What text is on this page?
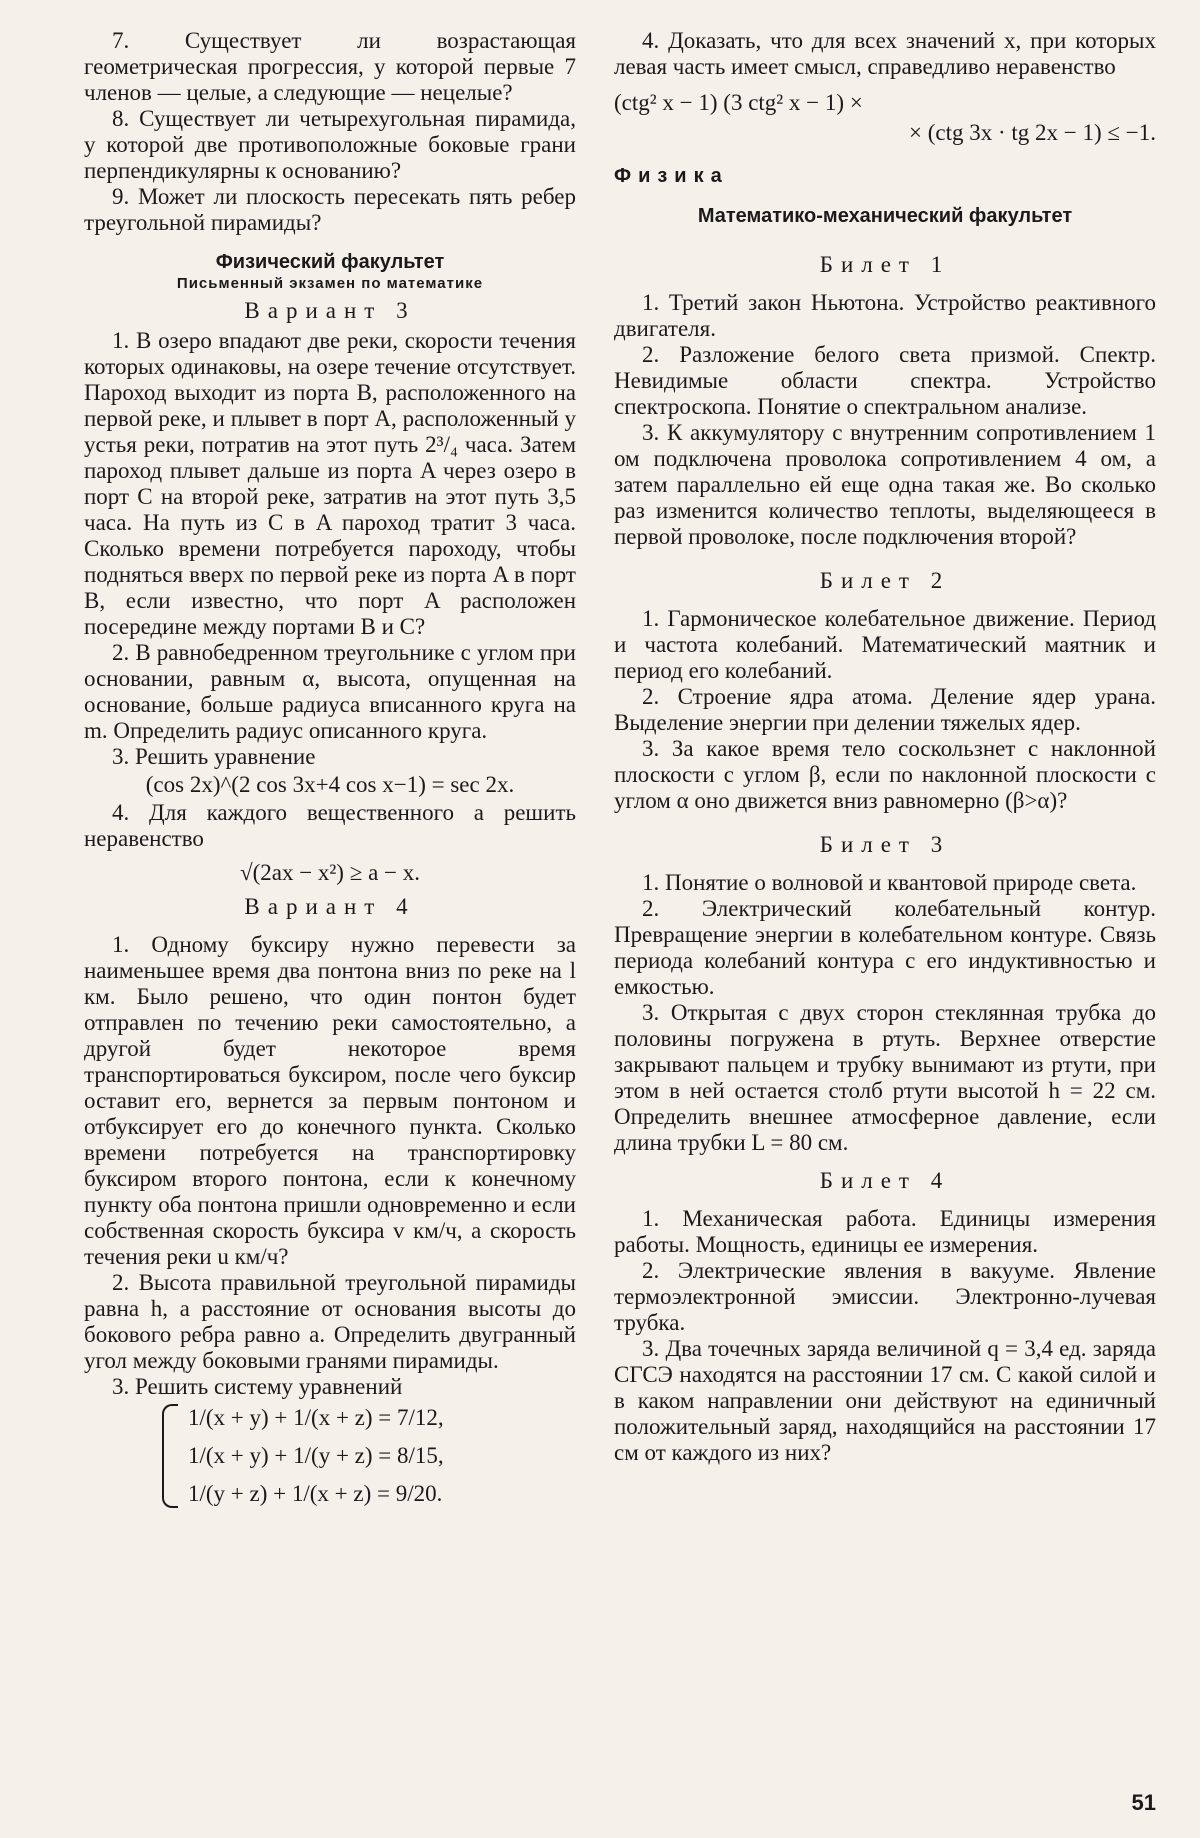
7. Существует ли возрастающая геометрическая прогрессия, у которой первые 7 членов — целые, а следующие — нецелые?

8. Существует ли четырехугольная пирамида, у которой две противоположные боковые грани перпендикулярны к основанию?

9. Может ли плоскость пересекать пять ребер треугольной пирамиды?

Физический факультет
Письменный экзамен по математике
Вариант 3

1. В озеро впадают две реки, скорости течения которых одинаковы, на озере течение отсутствует. Пароход выходит из порта B, расположенного на первой реке, и плывет в порт A, расположенный у устья реки, потратив на этот путь 2³/₄ часа. Затем пароход плывет дальше из порта A через озеро в порт C на второй реке, затратив на этот путь 3,5 часа. На путь из C в A пароход тратит 3 часа. Сколько времени потребуется пароходу, чтобы подняться вверх по первой реке из порта A в порт B, если известно, что порт A расположен посередине между портами B и C?

2. В равнобедренном треугольнике с углом при основании, равным α, высота, опущенная на основание, больше радиуса вписанного круга на m. Определить радиус описанного круга.

3. Решить уравнение

(cos 2x)^(2 cos 3x+4 cos x−1) = sec 2x.

4. Для каждого вещественного a решить неравенство

√(2ax − x²) ≥ a − x.
Вариант 4

1. Одному буксиру нужно перевести за наименьшее время два понтона вниз по реке на l км. Было решено, что один понтон будет отправлен по течению реки самостоятельно, а другой будет некоторое время транспортироваться буксиром, после чего буксир оставит его, вернется за первым понтоном и отбуксирует его до конечного пункта. Сколько времени потребуется на транспортировку буксиром второго понтона, если к конечному пункту оба понтона пришли одновременно и если собственная скорость буксира v км/ч, а скорость течения реки u км/ч?

2. Высота правильной треугольной пирамиды равна h, а расстояние от основания высоты до бокового ребра равно a. Определить двугранный угол между боковыми гранями пирамиды.

3. Решить систему уравнений

1/(x + y) + 1/(x + z) = 7/12,
1/(x + y) + 1/(y + z) = 8/15,
1/(y + z) + 1/(x + z) = 9/20.

4. Доказать, что для всех значений x, при которых левая часть имеет смысл, справедливо неравенство

(ctg² x − 1) (3 ctg² x − 1) ×
× (ctg 3x · tg 2x − 1) ≤ −1.
Физика
Математико-механический факультет
Билет 1

1. Третий закон Ньютона. Устройство реактивного двигателя.

2. Разложение белого света призмой. Спектр. Невидимые области спектра. Устройство спектроскопа. Понятие о спектральном анализе.

3. К аккумулятору с внутренним сопротивлением 1 ом подключена проволока сопротивлением 4 ом, а затем параллельно ей еще одна такая же. Во сколько раз изменится количество теплоты, выделяющееся в первой проволоке, после подключения второй?

Билет 2

1. Гармоническое колебательное движение. Период и частота колебаний. Математический маятник и период его колебаний.

2. Строение ядра атома. Деление ядер урана. Выделение энергии при делении тяжелых ядер.

3. За какое время тело соскользнет с наклонной плоскости с углом β, если по наклонной плоскости с углом α оно движется вниз равномерно (β>α)?

Билет 3

1. Понятие о волновой и квантовой природе света.

2. Электрический колебательный контур. Превращение энергии в колебательном контуре. Связь периода колебаний контура с его индуктивностью и емкостью.

3. Открытая с двух сторон стеклянная трубка до половины погружена в ртуть. Верхнее отверстие закрывают пальцем и трубку вынимают из ртути, при этом в ней остается столб ртути высотой h = 22 см. Определить внешнее атмосферное давление, если длина трубки L = 80 см.

Билет 4

1. Механическая работа. Единицы измерения работы. Мощность, единицы ее измерения.

2. Электрические явления в вакууме. Явление термоэлектронной эмиссии. Электронно-лучевая трубка.

3. Два точечных заряда величиной q = 3,4 ед. заряда СГСЭ находятся на расстоянии 17 см. С какой силой и в каком направлении они действуют на единичный положительный заряд, находящийся на расстоянии 17 см от каждого из них?

51
